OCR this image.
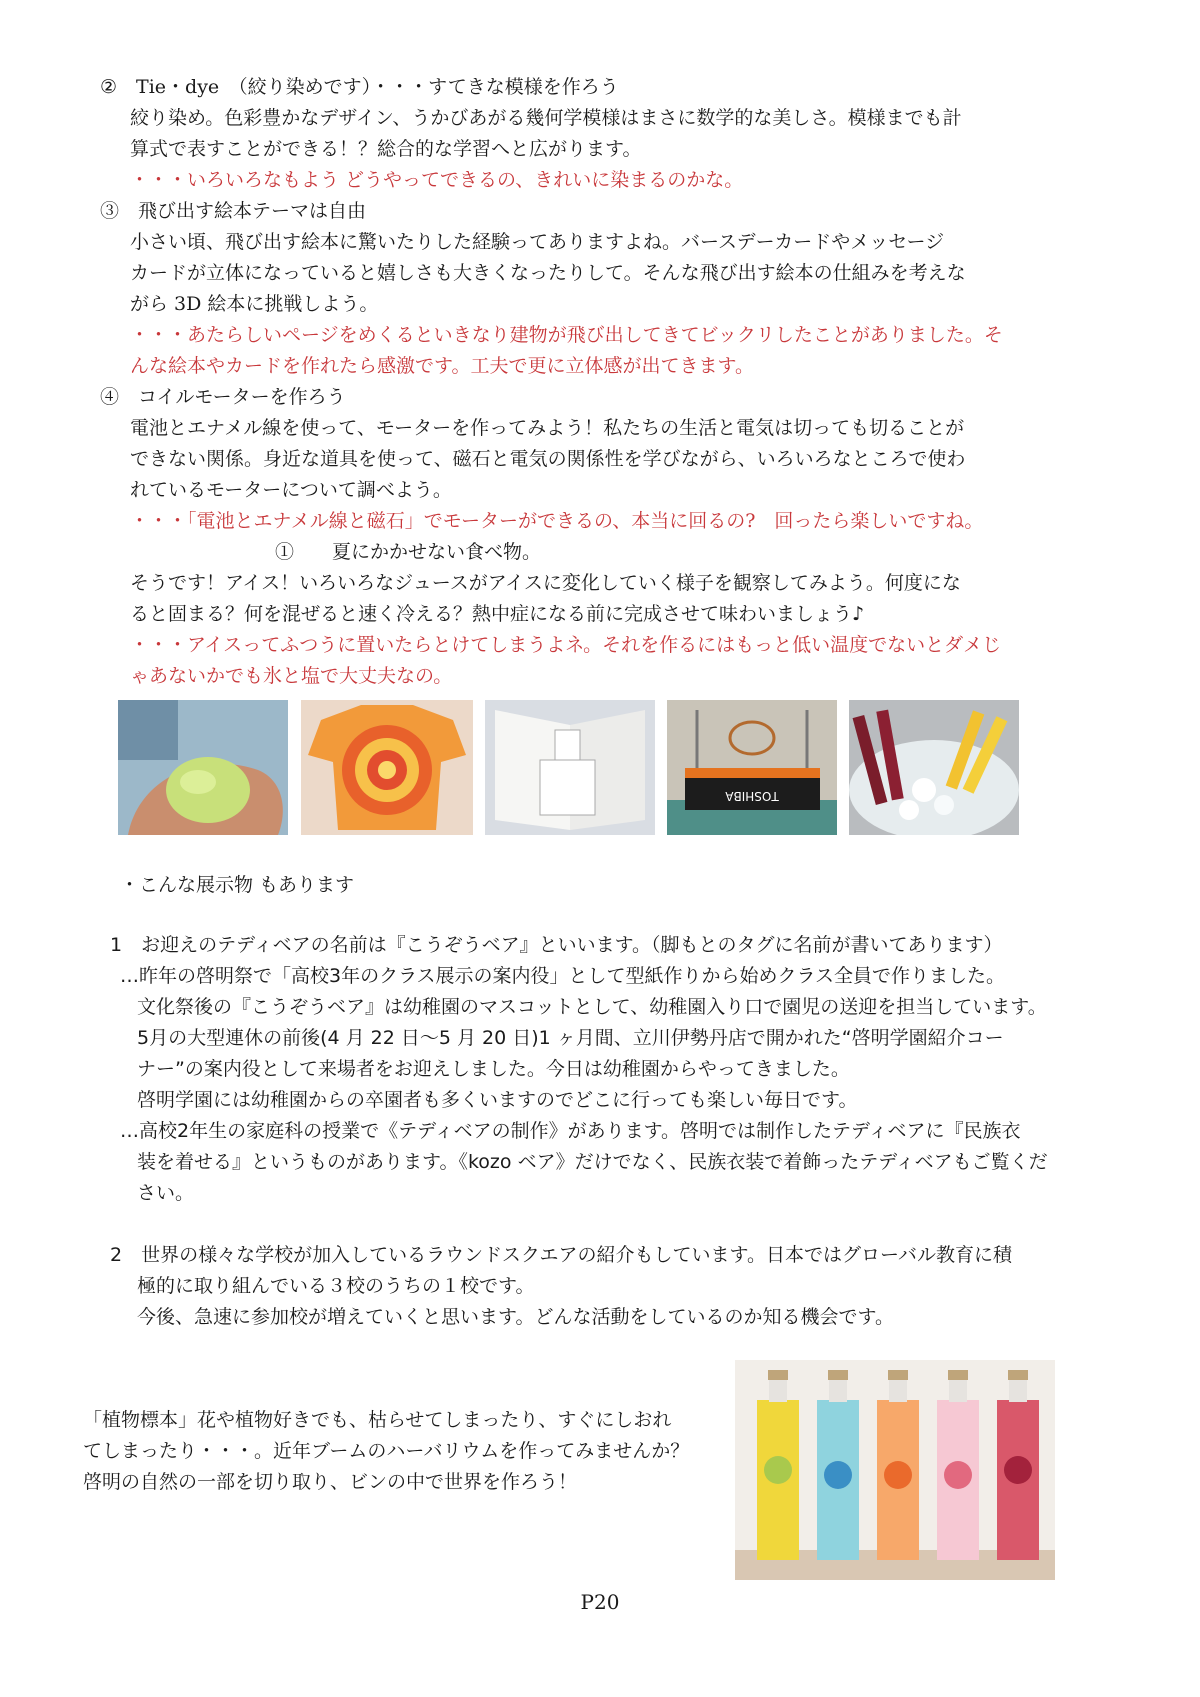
②　Tie・dye　（絞り染めです）・・・すてきな模様を作ろう

絞り染め。色彩豊かなデザイン、うかびあがる幾何学模様はまさに数学的な美しさ。模様までも計

算式で表すことができる！？総合的な学習へと広がります。

・・・いろいろなもよう どうやってできるの、きれいに染まるのかな。

③　飛び出す絵本テーマは自由

小さい頃、飛び出す絵本に驚いたりした経験ってありますよね。バースデーカードやメッセージ

カードが立体になっていると嬉しさも大きくなったりして。そんな飛び出す絵本の仕組みを考えな

がら 3D 絵本に挑戦しよう。

・・・あたらしいページをめくるといきなり建物が飛び出してきてビックリしたことがありました。そ

んな絵本やカードを作れたら感激です。工夫で更に立体感が出てきます。

④　コイルモーターを作ろう

電池とエナメル線を使って、モーターを作ってみよう！私たちの生活と電気は切っても切ることが

できない関係。身近な道具を使って、磁石と電気の関係性を学びながら、いろいろなところで使わ

れているモーターについて調べよう。

・・・「電池とエナメル線と磁石」でモーターができるの、本当に回るの?　回ったら楽しいですね。

①　　夏にかかせない食べ物。

そうです！アイス！いろいろなジュースがアイスに変化していく様子を観察してみよう。何度にな

ると固まる？何を混ぜると速く冷える？熱中症になる前に完成させて味わいましょう♪

・・・アイスってふつうに置いたらとけてしまうよネ。それを作るにはもっと低い温度でないとダメじ

ゃあないかでも氷と塩で大丈夫なの。

TOSHIBA

・こんな展示物 もあります

1　お迎えのテディベアの名前は『こうぞうベア』といいます。（脚もとのタグに名前が書いてあります）

…昨年の啓明祭で「高校3年のクラス展示の案内役」として型紙作りから始めクラス全員で作りました。

文化祭後の『こうぞうベア』は幼稚園のマスコットとして、幼稚園入り口で園児の送迎を担当しています。

5月の大型連休の前後(4 月 22 日～5 月 20 日)1 ヶ月間、立川伊勢丹店で開かれた“啓明学園紹介コー

ナー”の案内役として来場者をお迎えしました。今日は幼稚園からやってきました。

啓明学園には幼稚園からの卒園者も多くいますのでどこに行っても楽しい毎日です。

…高校2年生の家庭科の授業で《テディベアの制作》があります。啓明では制作したテディベアに『民族衣

装を着せる』というものがあります。《kozo ベア》だけでなく、民族衣装で着飾ったテディベアもご覧くだ

さい。

2　世界の様々な学校が加入しているラウンドスクエアの紹介もしています。日本ではグローバル教育に積

極的に取り組んでいる３校のうちの１校です。

今後、急速に参加校が増えていくと思います。どんな活動をしているのか知る機会です。

「植物標本」花や植物好きでも、枯らせてしまったり、すぐにしおれ

てしまったり・・・。近年ブームのハーバリウムを作ってみませんか？

啓明の自然の一部を切り取り、ビンの中で世界を作ろう！

P20
